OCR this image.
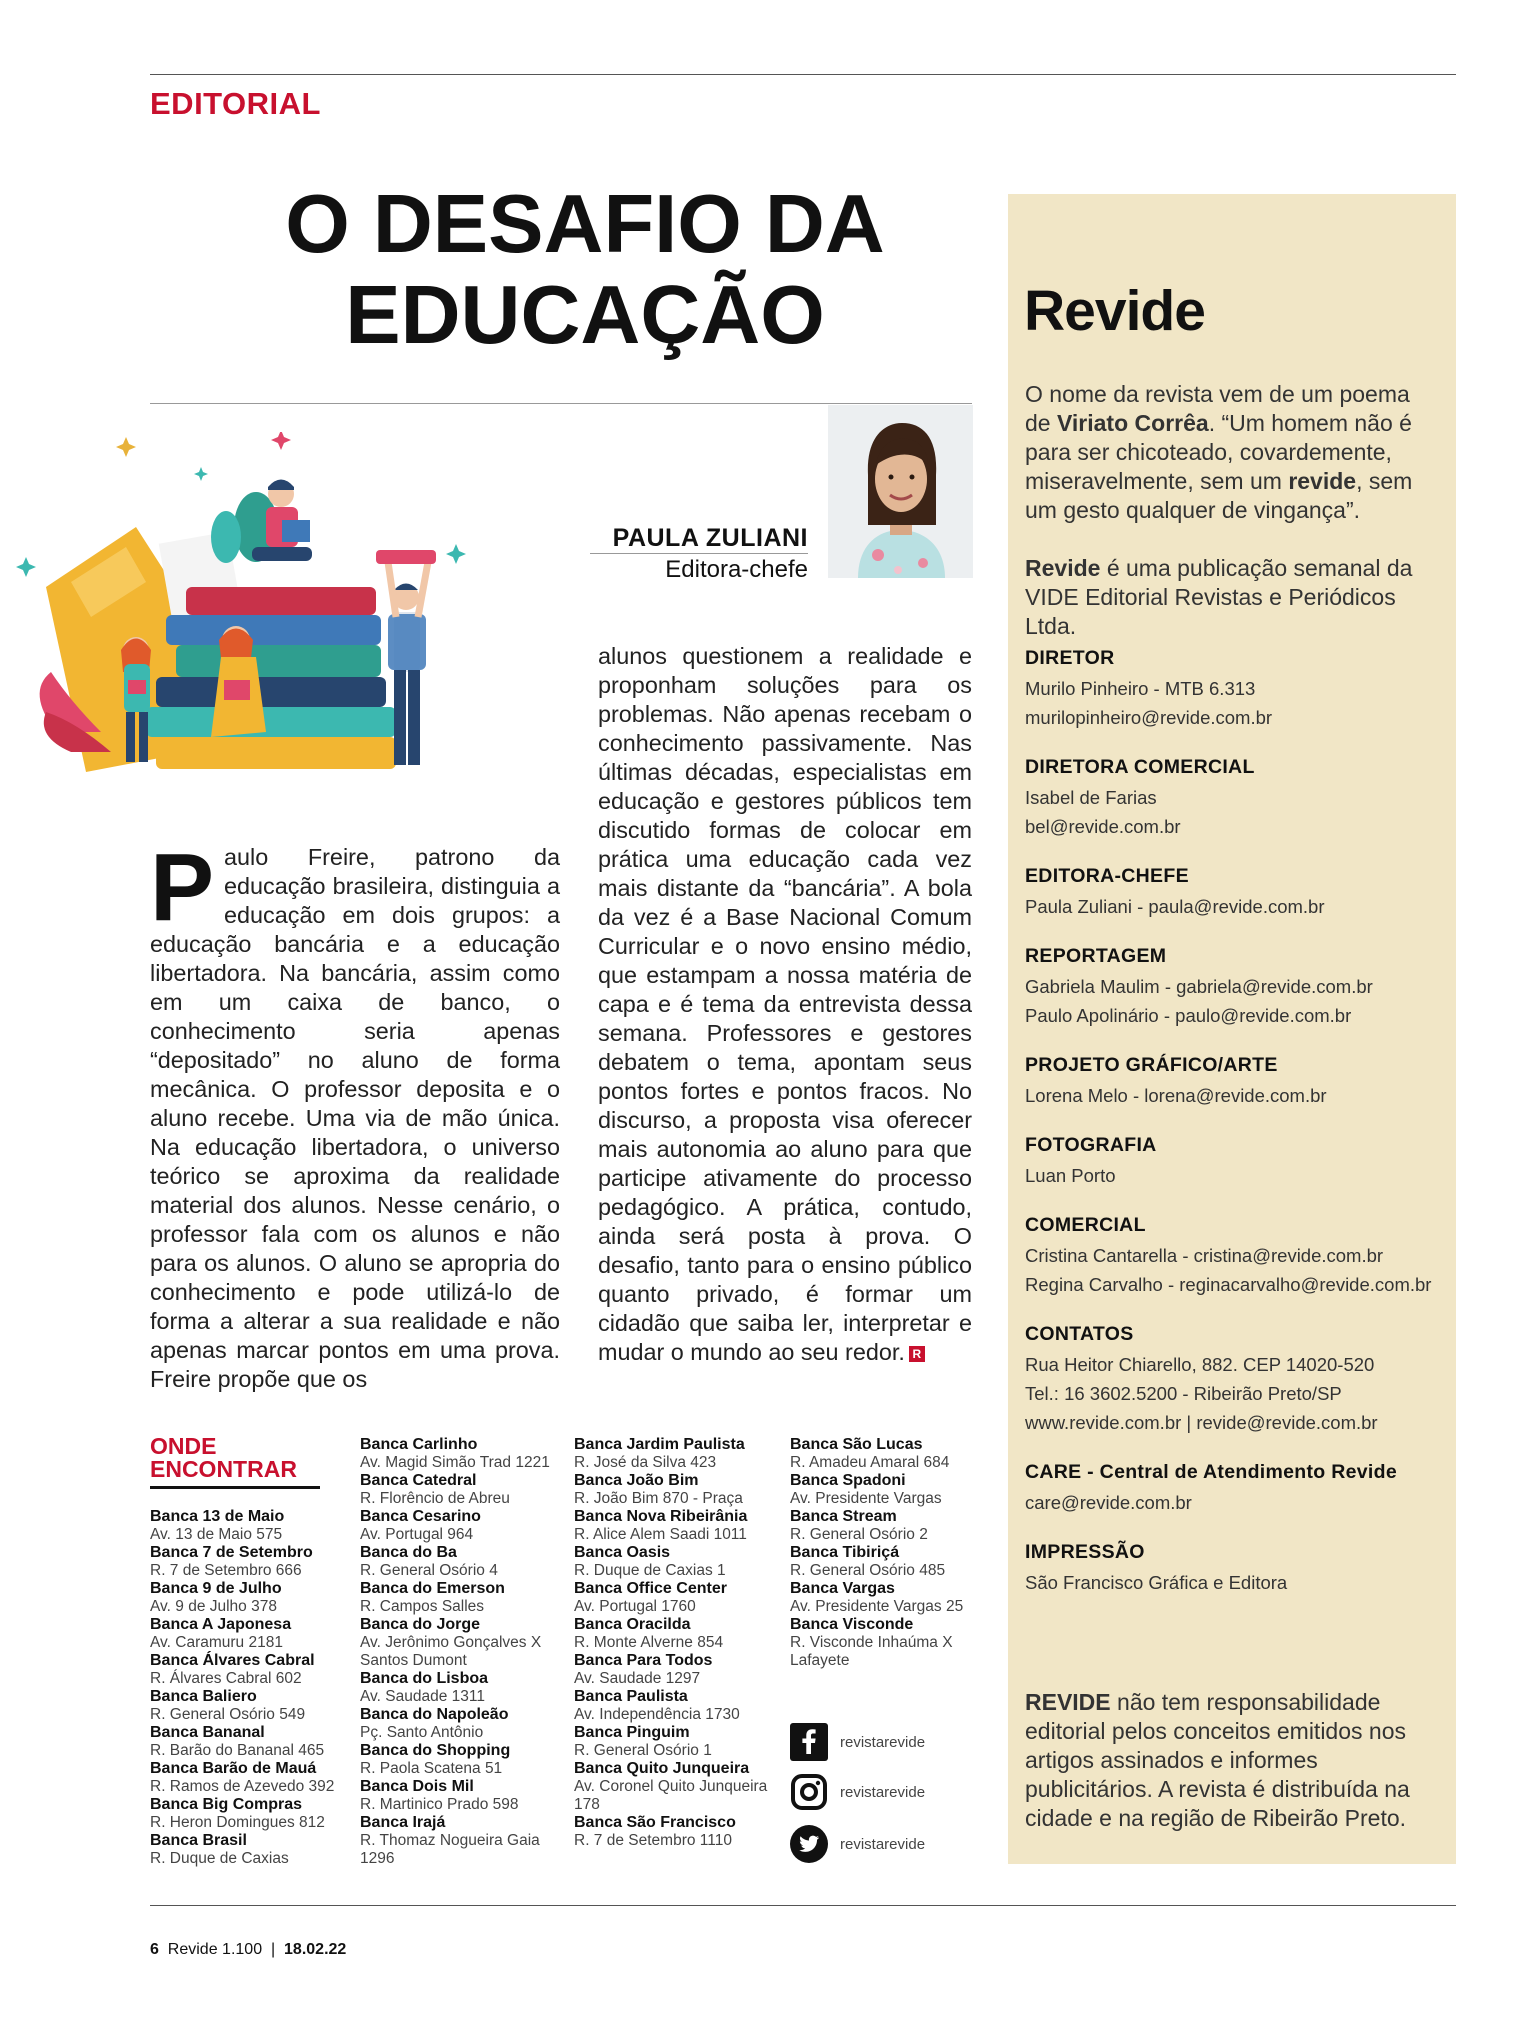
EDITORIAL
O DESAFIO DA
EDUCAÇÃO
PAULA ZULIANI
Editora-chefe
Paulo Freire, patrono da educação brasileira, distinguia a educação em dois grupos: a educação bancária e a educação libertadora. Na bancária, assim como em um caixa de banco, o conhecimento seria apenas “depositado” no aluno de forma mecânica. O professor deposita e o aluno recebe. Uma via de mão única. Na educação libertadora, o universo teórico se aproxima da realidade material dos alunos. Nesse cenário, o professor fala com os alunos e não para os alunos. O aluno se apropria do conhecimento e pode utilizá-lo de forma a alterar a sua realidade e não apenas marcar pontos em uma prova. Freire propõe que os
alunos questionem a realidade e proponham soluções para os problemas. Não apenas recebam o conhecimento passivamente. Nas últimas décadas, especialistas em educação e gestores públicos tem discutido formas de colocar em prática uma educação cada vez mais distante da “bancária”. A bola da vez é a Base Nacional Comum Curricular e o novo ensino médio, que estampam a nossa matéria de capa e é tema da entrevista dessa semana. Professores e gestores debatem o tema, apontam seus pontos fortes e pontos fracos. No discurso, a proposta visa oferecer mais autonomia ao aluno para que participe ativamente do processo pedagógico. A prática, contudo, ainda será posta à prova. O desafio, tanto para o ensino público quanto privado, é formar um cidadão que saiba ler, interpretar e mudar o mundo ao seu redor. R
Revide
O nome da revista vem de um poema de Viriato Corrêa. “Um homem não é para ser chicoteado, covardemente, miseravelmente, sem um revide, sem um gesto qualquer de vingança”.
Revide é uma publicação semanal da VIDE Editorial Revistas e Periódicos Ltda.
DIRETOR
Murilo Pinheiro - MTB 6.313
murilopinheiro@revide.com.br
DIRETORA COMERCIAL
Isabel de Farias
bel@revide.com.br
EDITORA-CHEFE
Paula Zuliani - paula@revide.com.br
REPORTAGEM
Gabriela Maulim - gabriela@revide.com.br
Paulo Apolinário - paulo@revide.com.br
PROJETO GRÁFICO/ARTE
Lorena Melo - lorena@revide.com.br
FOTOGRAFIA
Luan Porto
COMERCIAL
Cristina Cantarella - cristina@revide.com.br
Regina Carvalho - reginacarvalho@revide.com.br
CONTATOS
Rua Heitor Chiarello, 882. CEP 14020-520
Tel.: 16 3602.5200 - Ribeirão Preto/SP
www.revide.com.br | revide@revide.com.br
CARE - Central de Atendimento Revide
care@revide.com.br
IMPRESSÃO
São Francisco Gráfica e Editora
REVIDE não tem responsabilidade editorial pelos conceitos emitidos nos artigos assinados e informes publicitários. A revista é distribuída na cidade e na região de Ribeirão Preto.
ONDE
ENCONTRAR
Banca 13 de Maio
Av. 13 de Maio 575
Banca 7 de Setembro
R. 7 de Setembro 666
Banca 9 de Julho
Av. 9 de Julho 378
Banca A Japonesa
Av. Caramuru 2181
Banca Álvares Cabral
R. Álvares Cabral 602
Banca Baliero
R. General Osório 549
Banca Bananal
R. Barão do Bananal 465
Banca Barão de Mauá
R. Ramos de Azevedo 392
Banca Big Compras
R. Heron Domingues 812
Banca Brasil
R. Duque de Caxias
Banca Carlinho
Av. Magid Simão Trad 1221
Banca Catedral
R. Florêncio de Abreu
Banca Cesarino
Av. Portugal 964
Banca do Ba
R. General Osório 4
Banca do Emerson
R. Campos Salles
Banca do Jorge
Av. Jerônimo Gonçalves X Santos Dumont
Banca do Lisboa
Av. Saudade 1311
Banca do Napoleão
Pç. Santo Antônio
Banca do Shopping
R. Paola Scatena 51
Banca Dois Mil
R. Martinico Prado 598
Banca Irajá
R. Thomaz Nogueira Gaia 1296
Banca Jardim Paulista
R. José da Silva 423
Banca João Bim
R. João Bim 870 - Praça
Banca Nova Ribeirânia
R. Alice Alem Saadi 1011
Banca Oasis
R. Duque de Caxias 1
Banca Office Center
Av. Portugal 1760
Banca Oracilda
R. Monte Alverne 854
Banca Para Todos
Av. Saudade 1297
Banca Paulista
Av. Independência 1730
Banca Pinguim
R. General Osório 1
Banca Quito Junqueira
Av. Coronel Quito Junqueira 178
Banca São Francisco
R. 7 de Setembro 1110
Banca São Lucas
R. Amadeu Amaral 684
Banca Spadoni
Av. Presidente Vargas
Banca Stream
R. General Osório 2
Banca Tibiriçá
R. General Osório 485
Banca Vargas
Av. Presidente Vargas 25
Banca Visconde
R. Visconde Inhaúma X Lafayete
revistarevide
revistarevide
revistarevide
6 Revide 1.100  |  18.02.22
